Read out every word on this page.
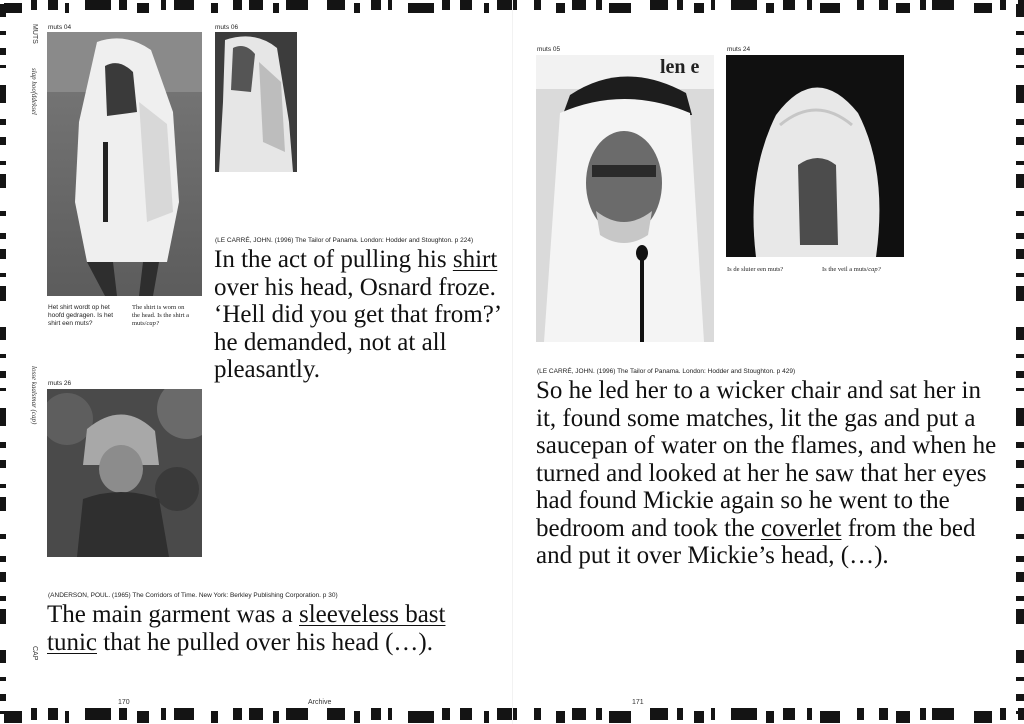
MUTS
slap hoofddeksel
losse kaalsmar (cap)
CAP
muts 04	muts 06
muts 26
Het shirt wordt op het
hoofd gedragen. Is het
shirt een muts?
The shirt is worn on
the head. Is the shirt a
muts/cap?
(LE CARRÉ, JOHN. (1996) The Tailor of Panama. London: Hodder and Stoughton. p 224)
In the act of pulling his shirt over his head, Osnard froze. ‘Hell did you get that from?’ he demanded, not at all pleasantly.
(ANDERSON, POUL. (1965) The Corridors of Time. New York: Berkley Publishing Corporation. p 30)
The main garment was a sleeveless bast tunic that he pulled over his head (…).
170	Archive
muts 05	muts 24
len e
Is de sluier een muts?	Is the veil a muts/cap?
(LE CARRÉ, JOHN. (1996) The Tailor of Panama. London: Hodder and Stoughton. p 429)
So he led her to a wicker chair and sat her in it, found some matches, lit the gas and put a saucepan of water on the flames, and when he turned and looked at her he saw that her eyes had found Mickie again so he went to the bedroom and took the coverlet from the bed and put it over Mickie’s head, (…).
171
